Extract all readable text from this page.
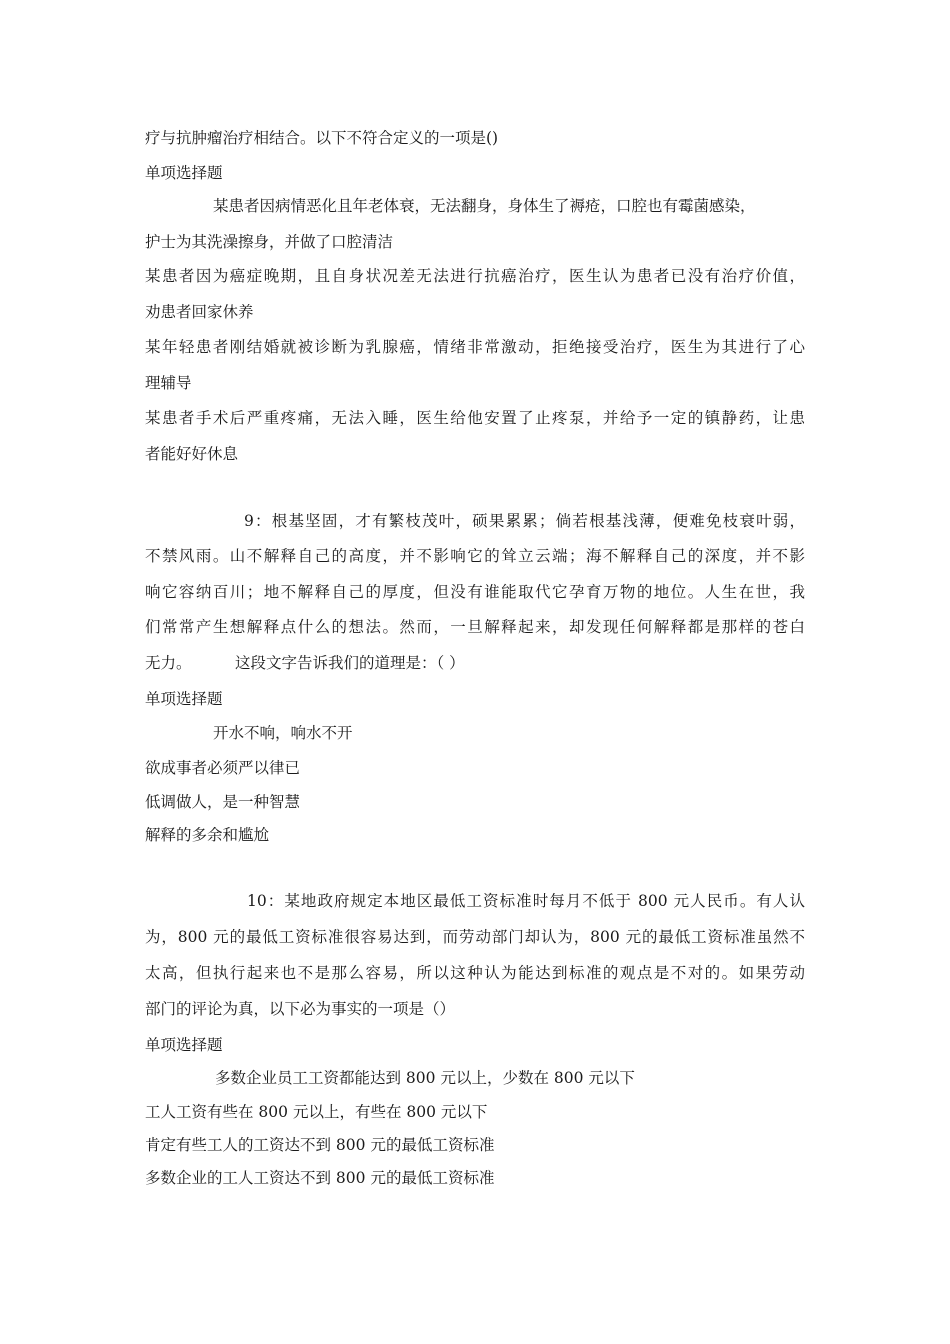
疗与抗肿瘤治疗相结合。以下不符合定义的一项是()
单项选择题
某患者因病情恶化且年老体衰，无法翻身，身体生了褥疮，口腔也有霉菌感染，
护士为其洗澡擦身，并做了口腔清洁
某患者因为癌症晚期，且自身状况差无法进行抗癌治疗，医生认为患者已没有治疗价值，
劝患者回家休养
某年轻患者刚结婚就被诊断为乳腺癌，情绪非常激动，拒绝接受治疗，医生为其进行了心
理辅导
某患者手术后严重疼痛，无法入睡，医生给他安置了止疼泵，并给予一定的镇静药，让患
者能好好休息
9：根基坚固，才有繁枝茂叶，硕果累累；倘若根基浅薄，便难免枝衰叶弱，
不禁风雨。山不解释自己的高度，并不影响它的耸立云端；海不解释自己的深度，并不影
响它容纳百川；地不解释自己的厚度，但没有谁能取代它孕育万物的地位。人生在世，我
们常常产生想解释点什么的想法。然而，一旦解释起来，却发现任何解释都是那样的苍白
无力。	这段文字告诉我们的道理是：（ ）
单项选择题
开水不响，响水不开
欲成事者必须严以律已
低调做人，是一种智慧
解释的多余和尴尬
10：某地政府规定本地区最低工资标准时每月不低于 800 元人民币。有人认
为，800 元的最低工资标准很容易达到，而劳动部门却认为，800 元的最低工资标准虽然不
太高，但执行起来也不是那么容易，所以这种认为能达到标准的观点是不对的。如果劳动
部门的评论为真，以下必为事实的一项是（）
单项选择题
多数企业员工工资都能达到 800 元以上，少数在 800 元以下
工人工资有些在 800 元以上，有些在 800 元以下
肯定有些工人的工资达不到 800 元的最低工资标准
多数企业的工人工资达不到 800 元的最低工资标准
